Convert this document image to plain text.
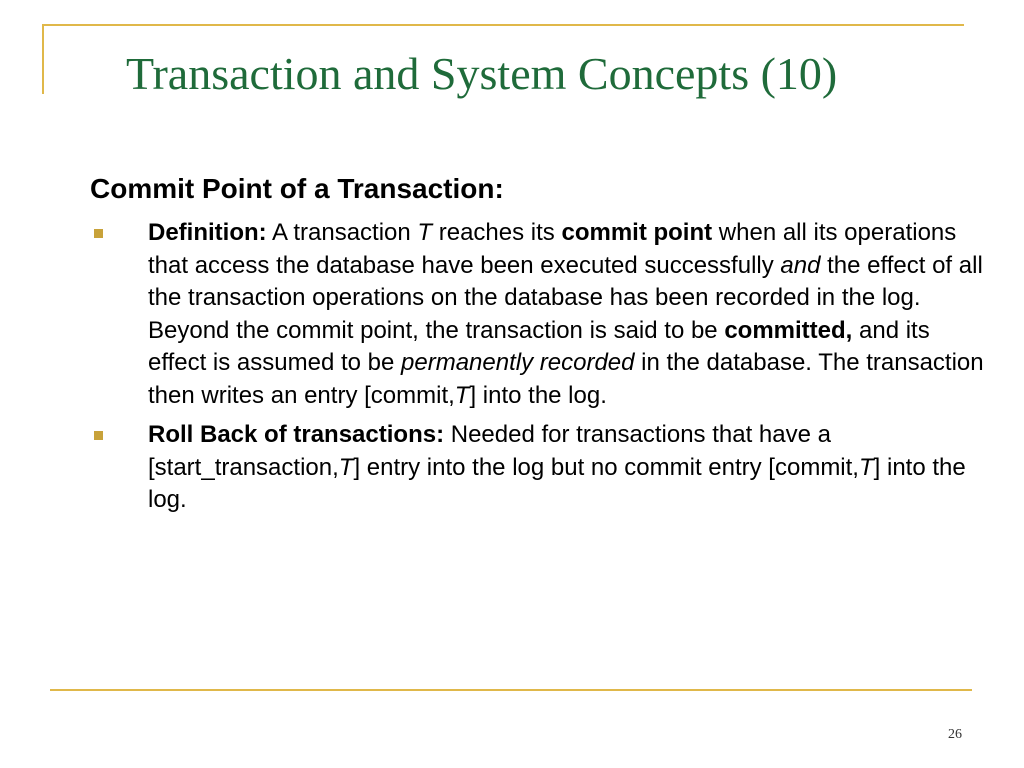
Transaction and System Concepts (10)
Commit Point of a Transaction:
Definition: A transaction T reaches its commit point when all its operations that access the database have been executed successfully and the effect of all the transaction operations on the database has been recorded in the log. Beyond the commit point, the transaction is said to be committed, and its effect is assumed to be permanently recorded in the database. The transaction then writes an entry [commit,T] into the log.
Roll Back of transactions: Needed for transactions that have a [start_transaction,T] entry into the log but no commit entry [commit,T] into the log.
26
